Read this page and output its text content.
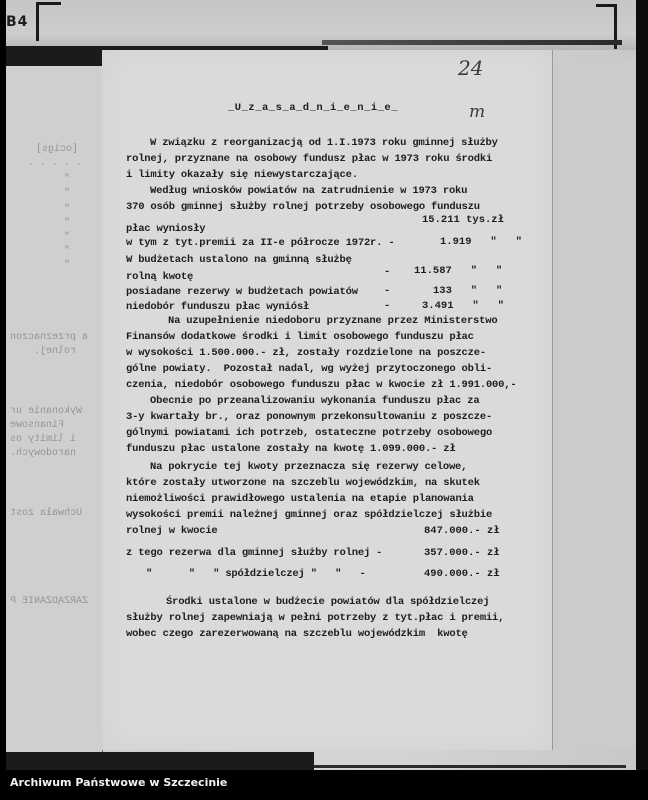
B4
[ocigs]
. . . . .
"
"
"
"
"
"
"
a przeznaczon
rolnej.
Wykonanie ur
Finansowe
i limity os
narodowych.
Uchwała zost
ZARZĄDZANIE P
24
m
_U_z_a_s_a_d_n_i_e_n_i_e_
W związku z reorganizacją od 1.I.1973 roku gminnej służby
rolnej, przyznane na osobowy fundusz płac w 1973 roku środki
i limity okazały się niewystarczające.
Według wniosków powiatów na zatrudnienie w 1973 roku
370 osób gminnej służby rolnej potrzeby osobowego funduszu
15.211 tys.zł
płac wyniosły
w tym z tyt.premii za II-e półrocze 1972r. -	1.919   "   "
W budżetach ustalono na gminną służbę
- 11.587   "   "
rolną kwotę
posiadane rezerwy w budżetach powiatów -	133   "   "
niedobór funduszu płac wyniósł	-	3.491   "   "
Na uzupełnienie niedoboru przyznane przez Ministerstwo
Finansów dodatkowe środki i limit osobowego funduszu płac
w wysokości 1.500.000.- zł, zostały rozdzielone na poszcze-
gólne powiaty.  Pozostał nadal, wg wyżej przytoczonego obli-
czenia, niedobór osobowego funduszu płac w kwocie zł 1.991.000,-
Obecnie po przeanalizowaniu wykonania funduszu płac za
3-y kwartały br., oraz ponownym przekonsultowaniu z poszcze-
gólnymi powiatami ich potrzeb, ostateczne potrzeby osobowego
funduszu płac ustalone zostały na kwotę 1.099.000.- zł
Na pokrycie tej kwoty przeznacza się rezerwy celowe,
które zostały utworzone na szczeblu wojewódzkim, na skutek
niemożliwości prawidłowego ustalenia na etapie planowania
wysokości premii należnej gminnej oraz spółdzielczej służbie
rolnej w kwocie	847.000.- zł
z tego rezerwa dla gminnej służby rolnej -	357.000.- zł
"      "   " spółdzielczej "   "   -	490.000.- zł
Środki ustalone w budżecie powiatów dla spółdzielczej
służby rolnej zapewniają w pełni potrzeby z tyt.płac i premii,
wobec czego zarezerwowaną na szczeblu wojewódzkim  kwotę
Archiwum Państwowe w Szczecinie
